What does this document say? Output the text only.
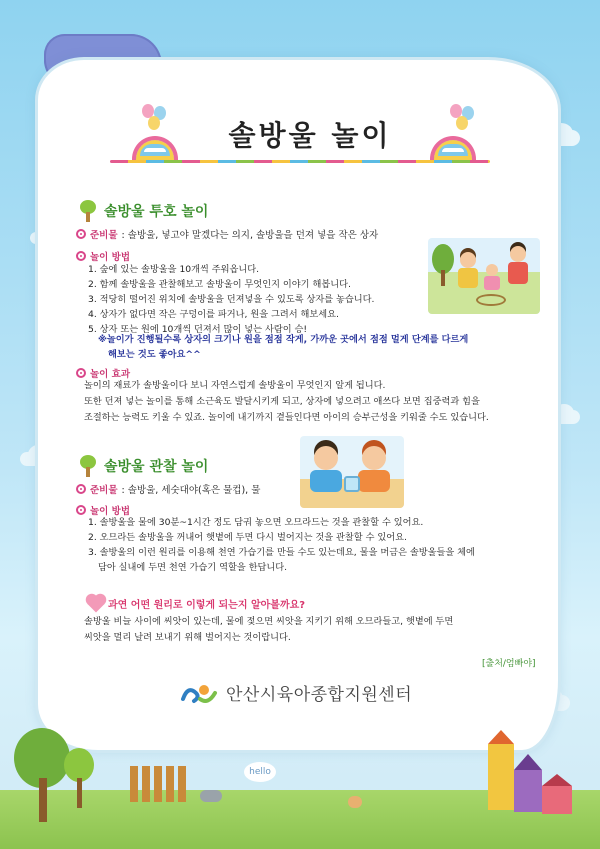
솔방울 놀이
솔방울 투호 놀이
준비물 : 솔방울, 넣고야 말겠다는 의지, 솔방울을 던져 넣을 작은 상자
놀이 방법
1. 숲에 있는 솔방울을 10개씩 주워옵니다.
2. 함께 솔방울을 관찰해보고 솔방울이 무엇인지 이야기 해봅니다.
3. 적당히 떨어진 위치에 솔방울을 던져넣을 수 있도록 상자를 놓습니다.
4. 상자가 없다면 작은 구덩이를 파거나, 원을 그려서 해보세요.
5. 상자 또는 원에 10개씩 던져서 많이 넣는 사람이 승!
※놀이가 진행될수록 상자의 크기나 원을 점점 작게, 가까운 곳에서 점점 멀게 단계를 다르게
해보는 것도 좋아요^^
놀이 효과
놀이의 재료가 솔방울이다 보니 자연스럽게 솔방울이 무엇인지 알게 됩니다.
또한 던져 넣는 놀이를 통해 소근육도 발달시키게 되고, 상자에 넣으려고 애쓰다 보면 집중력과 힘을
조절하는 능력도 키울 수 있죠. 놀이에 내기까지 곁들인다면 아이의 승부근성을 키워줄 수도 있습니다.
솔방울 관찰 놀이
준비물 : 솔방울, 세숫대야(혹은 물컵), 물
놀이 방법
1. 솔방울을 물에 30분~1시간 정도 담궈 놓으면 오므라드는 것을 관찰할 수 있어요.
2. 오므라든 솔방울을 꺼내어 햇볕에 두면 다시 벌어지는 것을 관찰할 수 있어요.
3. 솔방울의 이런 원리를 이용해 천연 가습기를 만들 수도 있는데요, 물을 머금은 솔방울들을 체에
담아 실내에 두면 천연 가습기 역할을 한답니다.
과연 어떤 원리로 이렇게 되는지 알아볼까요?
솔방울 비늘 사이에 씨앗이 있는데, 물에 젖으면 씨앗을 지키기 위해 오므라들고, 햇볕에 두면
씨앗을 멀리 날려 보내기 위해 벌어지는 것이랍니다.
[출처/엄빠야]
안산시육아종합지원센터
hello
